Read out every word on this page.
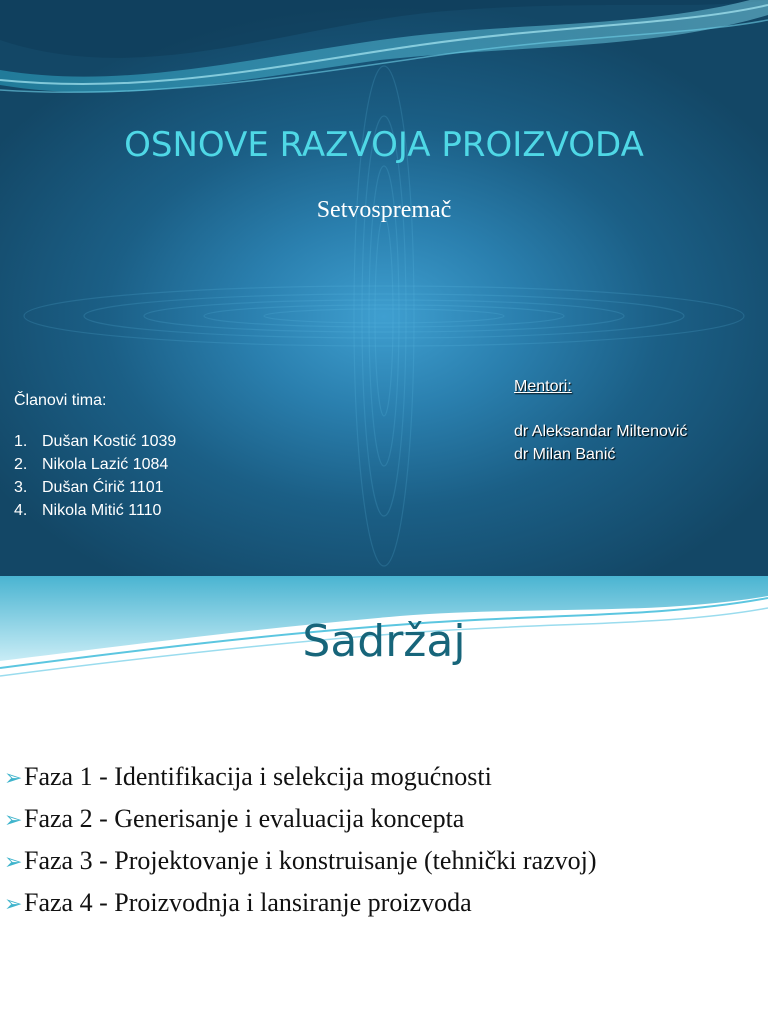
OSNOVE RAZVOJA PROIZVODA
Setvospremač
Članovi tima:
1. Dušan Kostić 1039
2. Nikola Lazić 1084
3. Dušan Ćirič 1101
4. Nikola Mitić 1110
Mentori:
dr Aleksandar Miltenović
dr Milan Banić
Sadržaj
➢Faza 1 - Identifikacija i selekcija mogućnosti
➢Faza 2 - Generisanje i evaluacija koncepta
➢Faza 3 - Projektovanje i konstruisanje (tehnički razvoj)
➢Faza 4 - Proizvodnja i lansiranje proizvoda
